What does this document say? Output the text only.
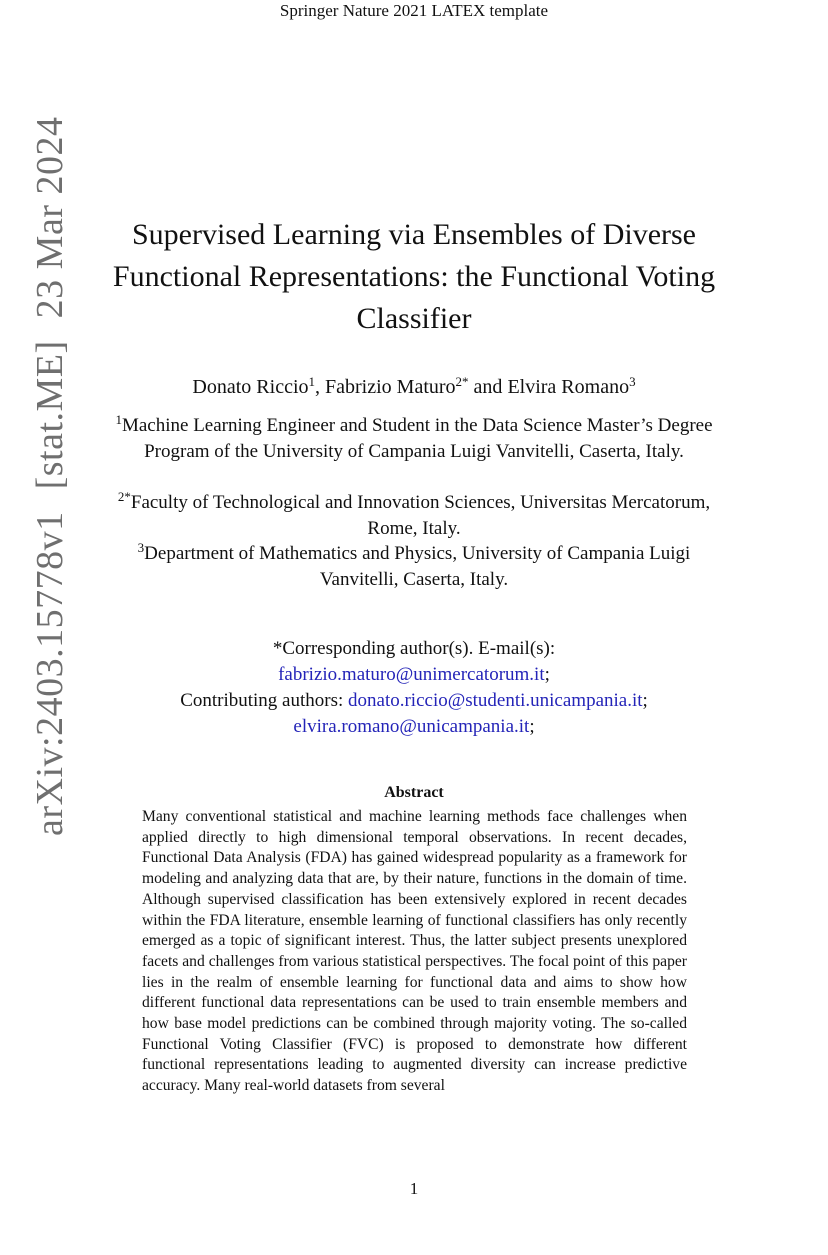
Springer Nature 2021 LATEX template
arXiv:2403.15778v1[stat.ME]23 Mar 2024	Supervised Learning via Ensembles of Diverse Functional Representations: the Functional Voting Classifier
Donato Riccio$^1$, Fabrizio Maturo$^{2*}$ and Elvira Romano$^3$
$^1$Machine Learning Engineer and Student in the Data Science Master’s Degree Program of the University of Campania Luigi Vanvitelli, Caserta, Italy.
$^{2*}$Faculty of Technological and Innovation Sciences, Universitas Mercatorum, Rome, Italy.
$^3$Department of Mathematics and Physics, University of Campania Luigi Vanvitelli, Caserta, Italy.
*Corresponding author(s). E-mail(s):
fabrizio.maturo@unimercatorum.it;
Contributing authors: donato.riccio@studenti.unicampania.it;
elvira.romano@unicampania.it;
Abstract
Many conventional statistical and machine learning methods face challenges when applied directly to high dimensional temporal observations. In recent decades, Functional Data Analysis (FDA) has gained widespread popularity as a framework for modeling and analyzing data that are, by their nature, functions in the domain of time. Although supervised classification has been extensively explored in recent decades within the FDA literature, ensemble learning of functional classifiers has only recently emerged as a topic of significant interest. Thus, the latter subject presents unexplored facets and challenges from various statistical perspectives. The focal point of this paper lies in the realm of ensemble learning for functional data and aims to show how different functional data representations can be used to train ensemble members and how base model predictions can be combined through majority voting. The so-called Functional Voting Classifier (FVC) is proposed to demonstrate how different functional representations leading to augmented diversity can increase predictive accuracy. Many real-world datasets from several
1
